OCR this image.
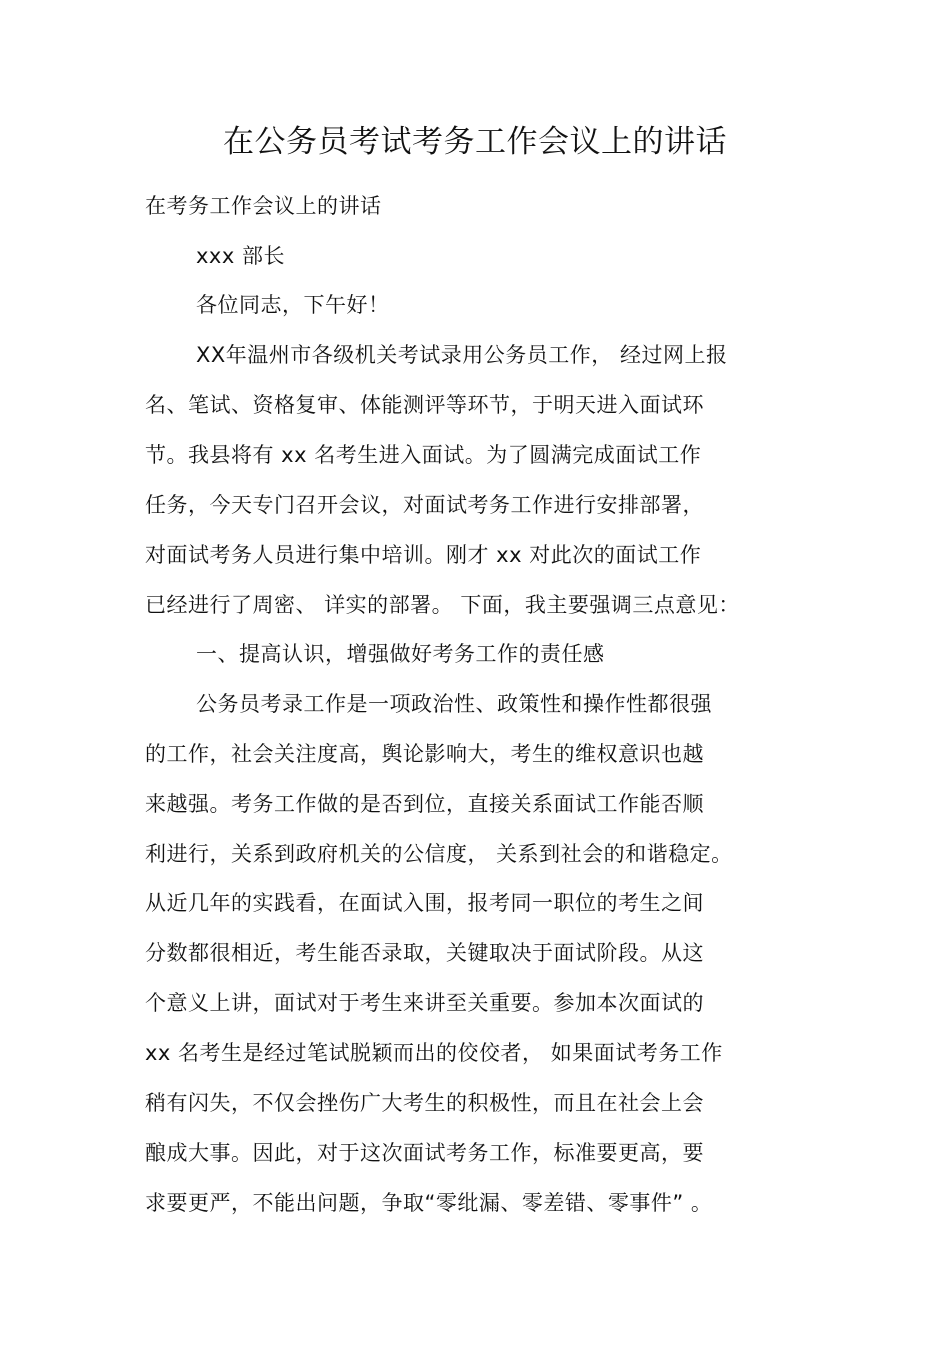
在公务员考试考务工作会议上的讲话
在考务工作会议上的讲话
xxx 部长
各位同志，下午好！
XX年温州市各级机关考试录用公务员工作， 经过网上报
名、笔试、资格复审、体能测评等环节，于明天进入面试环
节。我县将有 xx 名考生进入面试。为了圆满完成面试工作
任务，今天专门召开会议，对面试考务工作进行安排部署，
对面试考务人员进行集中培训。刚才 xx 对此次的面试工作
已经进行了周密、 详实的部署。 下面，我主要强调三点意见：
一、提高认识，增强做好考务工作的责任感
公务员考录工作是一项政治性、政策性和操作性都很强
的工作，社会关注度高，舆论影响大，考生的维权意识也越
来越强。考务工作做的是否到位，直接关系面试工作能否顺
利进行，关系到政府机关的公信度， 关系到社会的和谐稳定。
从近几年的实践看，在面试入围，报考同一职位的考生之间
分数都很相近，考生能否录取，关键取决于面试阶段。从这
个意义上讲，面试对于考生来讲至关重要。参加本次面试的
xx 名考生是经过笔试脱颖而出的佼佼者， 如果面试考务工作
稍有闪失，不仅会挫伤广大考生的积极性，而且在社会上会
酿成大事。因此，对于这次面试考务工作，标准要更高，要
求要更严，不能出问题，争取“零纰漏、零差错、零事件” 。
